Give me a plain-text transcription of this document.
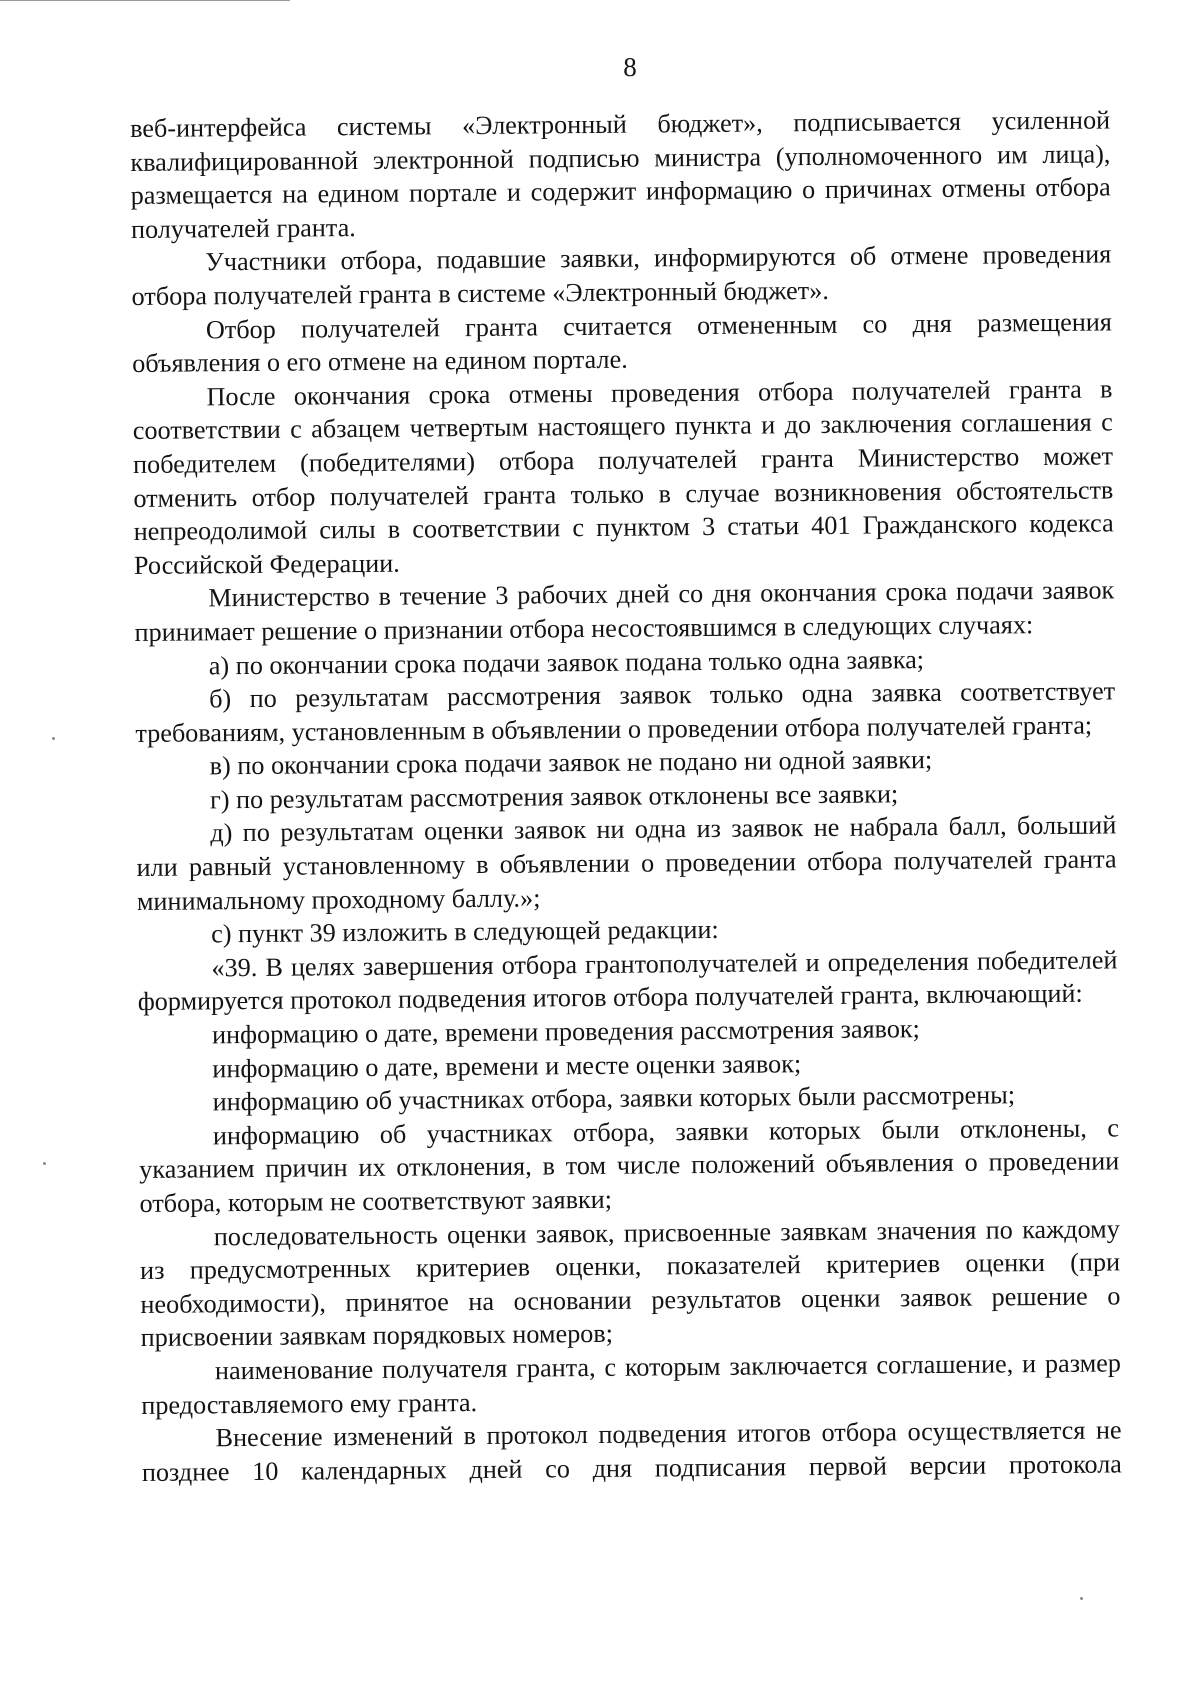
8

веб-интерфейса системы «Электронный бюджет», подписывается усиленной квалифицированной электронной подписью министра (уполномоченного им лица), размещается на едином портале и содержит информацию о причинах отмены отбора получателей гранта.

Участники отбора, подавшие заявки, информируются об отмене проведения отбора получателей гранта в системе «Электронный бюджет».

Отбор получателей гранта считается отмененным со дня размещения объявления о его отмене на едином портале.

После окончания срока отмены проведения отбора получателей гранта в соответствии с абзацем четвертым настоящего пункта и до заключения соглашения с победителем (победителями) отбора получателей гранта Министерство может отменить отбор получателей гранта только в случае возникновения обстоятельств непреодолимой силы в соответствии с пунктом 3 статьи 401 Гражданского кодекса Российской Федерации.

Министерство в течение 3 рабочих дней со дня окончания срока подачи заявок принимает решение о признании отбора несостоявшимся в следующих случаях:

а) по окончании срока подачи заявок подана только одна заявка;

б) по результатам рассмотрения заявок только одна заявка соответствует требованиям, установленным в объявлении о проведении отбора получателей гранта;

в) по окончании срока подачи заявок не подано ни одной заявки;

г) по результатам рассмотрения заявок отклонены все заявки;

д) по результатам оценки заявок ни одна из заявок не набрала балл, больший или равный установленному в объявлении о проведении отбора получателей гранта минимальному проходному баллу.»;

с) пункт 39 изложить в следующей редакции:

«39. В целях завершения отбора грантополучателей и определения победителей формируется протокол подведения итогов отбора получателей гранта, включающий:

информацию о дате, времени проведения рассмотрения заявок;

информацию о дате, времени и месте оценки заявок;

информацию об участниках отбора, заявки которых были рассмотрены;

информацию об участниках отбора, заявки которых были отклонены, с указанием причин их отклонения, в том числе положений объявления о проведении отбора, которым не соответствуют заявки;

последовательность оценки заявок, присвоенные заявкам значения по каждому из предусмотренных критериев оценки, показателей критериев оценки (при необходимости), принятое на основании результатов оценки заявок решение о присвоении заявкам порядковых номеров;

наименование получателя гранта, с которым заключается соглашение, и размер предоставляемого ему гранта.

Внесение изменений в протокол подведения итогов отбора осуществляется не позднее 10 календарных дней со дня подписания первой версии протокола
